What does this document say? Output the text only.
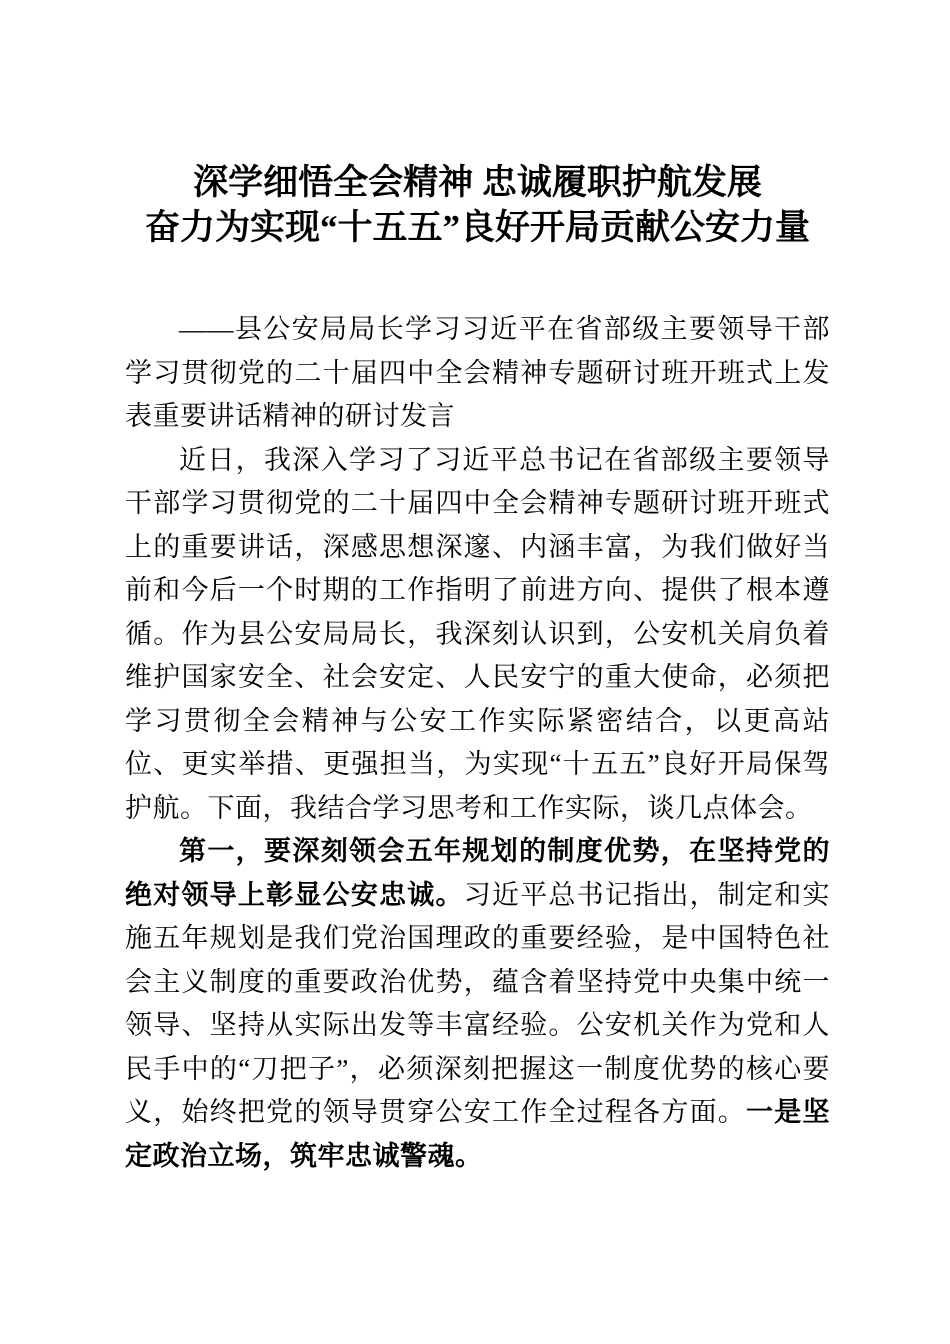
深学细悟全会精神 忠诚履职护航发展
奋力为实现“十五五”良好开局贡献公安力量

——县公安局局长学习习近平在省部级主要领导干部学习贯彻党的二十届四中全会精神专题研讨班开班式上发表重要讲话精神的研讨发言

近日，我深入学习了习近平总书记在省部级主要领导干部学习贯彻党的二十届四中全会精神专题研讨班开班式上的重要讲话，深感思想深邃、内涵丰富，为我们做好当前和今后一个时期的工作指明了前进方向、提供了根本遵循。作为县公安局局长，我深刻认识到，公安机关肩负着维护国家安全、社会安定、人民安宁的重大使命，必须把学习贯彻全会精神与公安工作实际紧密结合，以更高站位、更实举措、更强担当，为实现“十五五”良好开局保驾护航。下面，我结合学习思考和工作实际，谈几点体会。

第一，要深刻领会五年规划的制度优势，在坚持党的绝对领导上彰显公安忠诚。习近平总书记指出，制定和实施五年规划是我们党治国理政的重要经验，是中国特色社会主义制度的重要政治优势，蕴含着坚持党中央集中统一领导、坚持从实际出发等丰富经验。公安机关作为党和人民手中的“刀把子”，必须深刻把握这一制度优势的核心要义，始终把党的领导贯穿公安工作全过程各方面。一是坚定政治立场，筑牢忠诚警魂。
